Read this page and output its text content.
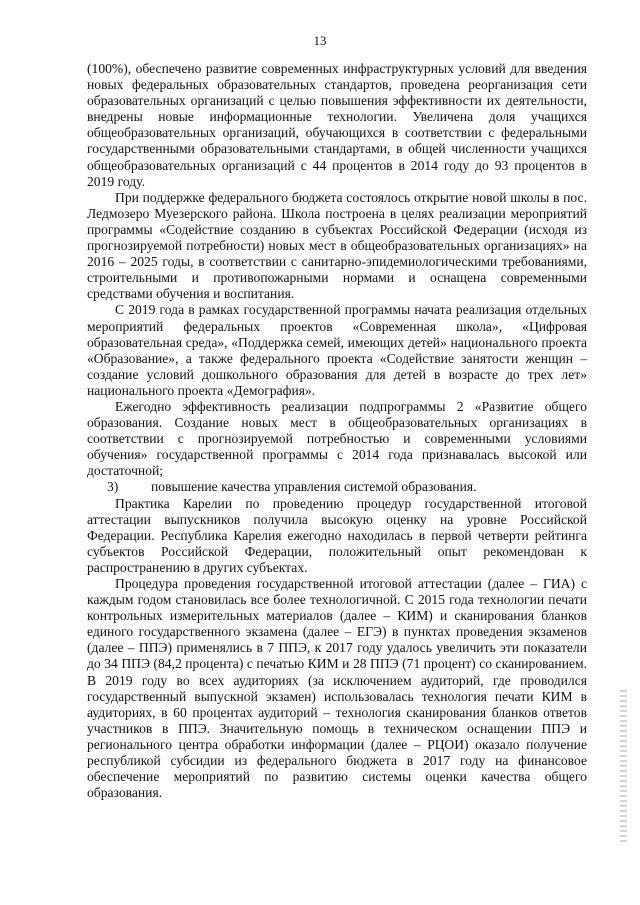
13

(100%), обеспечено развитие современных инфраструктурных условий для введения новых федеральных образовательных стандартов, проведена реорганизация сети образовательных организаций с целью повышения эффективности их деятельности, внедрены новые информационные технологии. Увеличена доля учащихся общеобразовательных организаций, обучающихся в соответствии с федеральными государственными образовательными стандартами, в общей численности учащихся общеобразовательных организаций с 44 процентов в 2014 году до 93 процентов в 2019 году.

При поддержке федерального бюджета состоялось открытие новой школы в пос. Ледмозеро Муезерского района. Школа построена в целях реализации мероприятий программы «Содействие созданию в субъектах Российской Федерации (исходя из прогнозируемой потребности) новых мест в общеобразовательных организациях» на 2016 – 2025 годы, в соответствии с санитарно-эпидемиологическими требованиями, строительными и противопожарными нормами и оснащена современными средствами обучения и воспитания.

С 2019 года в рамках государственной программы начата реализация отдельных мероприятий федеральных проектов «Современная школа», «Цифровая образовательная среда», «Поддержка семей, имеющих детей» национального проекта «Образование», а также федерального проекта «Содействие занятости женщин – создание условий дошкольного образования для детей в возрасте до трех лет» национального проекта «Демография».

Ежегодно эффективность реализации подпрограммы 2 «Развитие общего образования. Создание новых мест в общеобразовательных организациях в соответствии с прогнозируемой потребностью и современными условиями обучения» государственной программы с 2014 года признавалась высокой или достаточной;

3)	повышение качества управления системой образования.

Практика Карелии по проведению процедур государственной итоговой аттестации выпускников получила высокую оценку на уровне Российской Федерации. Республика Карелия ежегодно находилась в первой четверти рейтинга субъектов Российской Федерации, положительный опыт рекомендован к распространению в других субъектах.

Процедура проведения государственной итоговой аттестации (далее – ГИА) с каждым годом становилась все более технологичной. С 2015 года технологии печати контрольных измерительных материалов (далее – КИМ) и сканирования бланков единого государственного экзамена (далее – ЕГЭ) в пунктах проведения экзаменов (далее – ППЭ) применялись в 7 ППЭ, к 2017 году удалось увеличить эти показатели до 34 ППЭ (84,2 процента) с печатью КИМ и 28 ППЭ (71 процент) со сканированием. В 2019 году во всех аудиториях (за исключением аудиторий, где проводился государственный выпускной экзамен) использовалась технология печати КИМ в аудиториях, в 60 процентах аудиторий – технология сканирования бланков ответов участников в ППЭ. Значительную помощь в техническом оснащении ППЭ и регионального центра обработки информации (далее – РЦОИ) оказало получение республикой субсидии из федерального бюджета в 2017 году на финансовое обеспечение мероприятий по развитию системы оценки качества общего образования.
